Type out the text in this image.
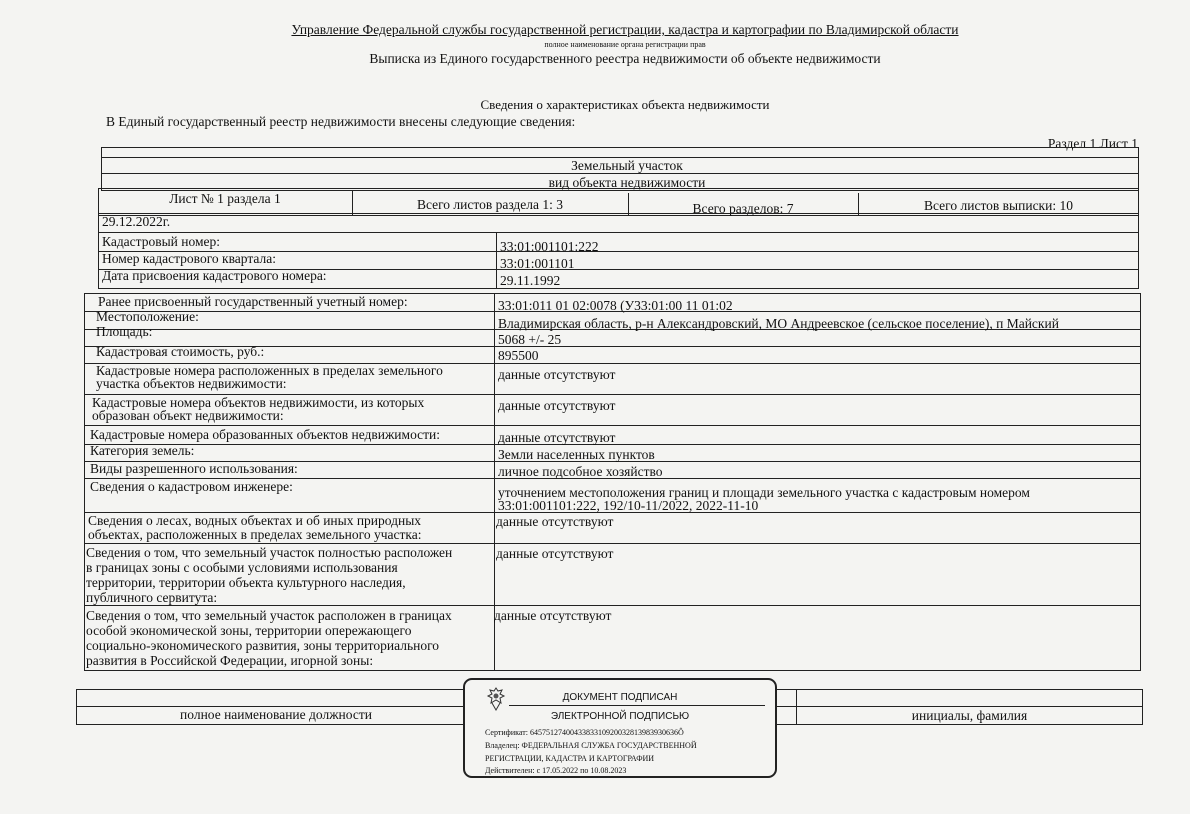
Управление Федеральной службы государственной регистрации, кадастра и картографии по Владимирской области
полное наименование органа регистрации прав
Выписка из Единого государственного реестра недвижимости об объекте недвижимости
Сведения о характеристиках объекта недвижимости
В Единый государственный реестр недвижимости внесены следующие сведения:
Раздел 1 Лист 1
Земельный участок
вид объекта недвижимости
Лист № 1 раздела 1	Всего листов раздела 1: 3	Всего разделов: 7	Всего листов выписки: 10
29.12.2022г.
Кадастровый номер:	33:01:001101:222
Номер кадастрового квартала:	33:01:001101
Дата присвоения кадастрового номера:	29.11.1992
Ранее присвоенный государственный учетный номер:	33:01:011 01 02:0078 (У33:01:00 11 01:02
Местоположение:	Владимирская область, р-н Александровский, МО Андреевское (сельское поселение), п Майский
Площадь:
5068 +/- 25
Кадастровая стоимость, руб.:	895500
Кадастровые номера расположенных в пределах земельного
участка объектов недвижимости:
данные отсутствуют
Кадастровые номера объектов недвижимости, из которых
образован объект недвижимости:
данные отсутствуют
Кадастровые номера образованных объектов недвижимости:	данные отсутствуют
Категория земель:	Земли населенных пунктов
Виды разрешенного использования:	личное подсобное хозяйство
Сведения о кадастровом инженере:	уточнением местоположения границ и площади земельного участка с кадастровым номером
33:01:001101:222, 192/10-11/2022, 2022-11-10
Сведения о лесах, водных объектах и об иных природных
объектах, расположенных в пределах земельного участка:
данные отсутствуют
Сведения о том, что земельный участок полностью расположен
в границах зоны с особыми условиями использования
территории, территории объекта культурного наследия,
публичного сервитута:
данные отсутствуют
Сведения о том, что земельный участок расположен в границах
особой экономической зоны, территории опережающего
социально-экономического развития, зоны территориального
развития в Российской Федерации, игорной зоны:
данные отсутствуют
полное наименование должности	инициалы, фамилия
ДОКУМЕНТ ПОДПИСАН
ЭЛЕКТРОННОЙ ПОДПИСЬЮ
Сертификат: 6457512740043383310920032813983930636Ô
Владелец: ФЕДЕРАЛЬНАЯ СЛУЖБА ГОСУДАРСТВЕННОЙ
РЕГИСТРАЦИИ, КАДАСТРА И КАРТОГРАФИИ
Действителен: с 17.05.2022 по 10.08.2023
